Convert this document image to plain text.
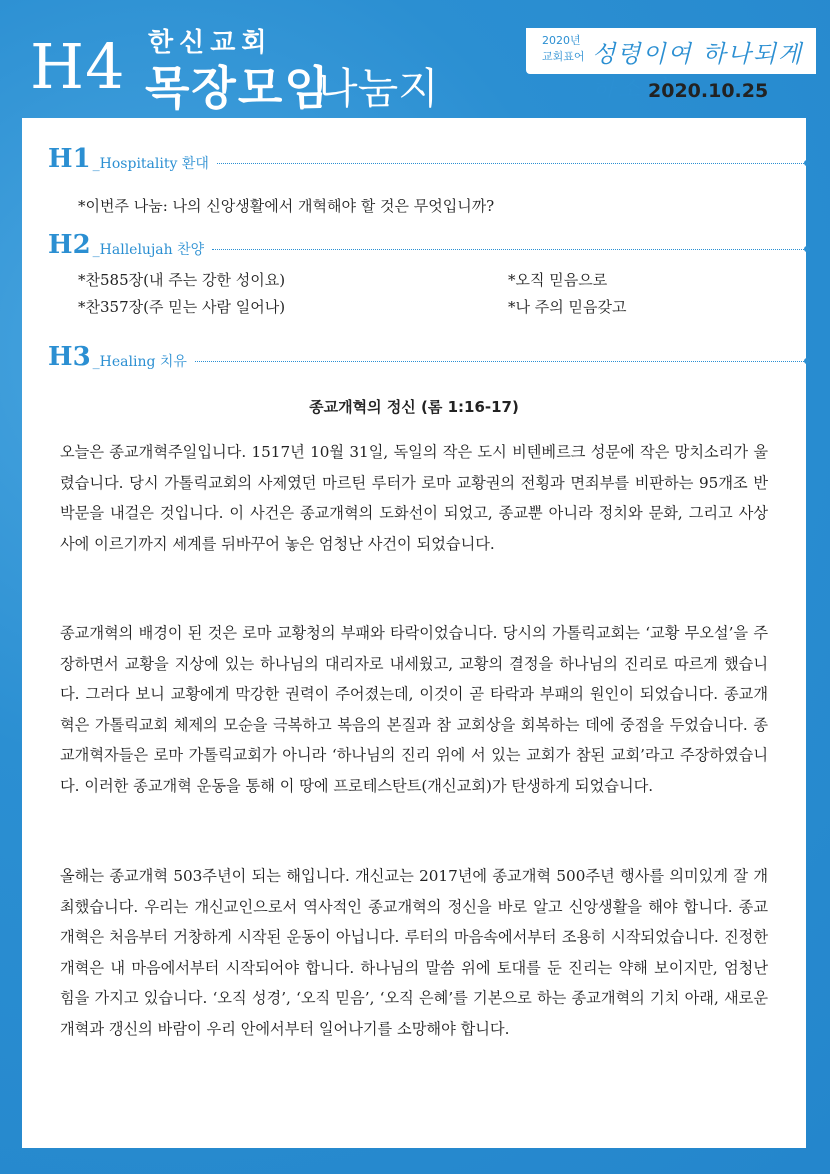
H4 한신교회
목장모임
나눔지
2020년
교회표어 성령이여 하나되게 하소서
2020.10.25
H1 _Hospitality 환대
*이번주 나눔: 나의 신앙생활에서 개혁해야 할 것은 무엇입니까?
H2 _Hallelujah 찬양
*찬585장(내 주는 강한 성이요)	*오직 믿음으로
*찬357장(주 믿는 사람 일어나)	*나 주의 믿음갖고
H3 _Healing 치유
종교개혁의 정신 (롬 1:16-17)
오늘은 종교개혁주일입니다. 1517년 10월 31일, 독일의 작은 도시 비텐베르크 성문에 작은 망치소리가 울렸습니다. 당시 가톨릭교회의 사제였던 마르틴 루터가 로마 교황권의 전횡과 면죄부를 비판하는 95개조 반박문을 내걸은 것입니다. 이 사건은 종교개혁의 도화선이 되었고, 종교뿐 아니라 정치와 문화, 그리고 사상사에 이르기까지 세계를 뒤바꾸어 놓은 엄청난 사건이 되었습니다.
종교개혁의 배경이 된 것은 로마 교황청의 부패와 타락이었습니다. 당시의 가톨릭교회는 ‘교황 무오설’을 주장하면서 교황을 지상에 있는 하나님의 대리자로 내세웠고, 교황의 결정을 하나님의 진리로 따르게 했습니다. 그러다 보니 교황에게 막강한 권력이 주어졌는데, 이것이 곧 타락과 부패의 원인이 되었습니다. 종교개혁은 가톨릭교회 체제의 모순을 극복하고 복음의 본질과 참 교회상을 회복하는 데에 중점을 두었습니다. 종교개혁자들은 로마 가톨릭교회가 아니라 ‘하나님의 진리 위에 서 있는 교회가 참된 교회’라고 주장하였습니다. 이러한 종교개혁 운동을 통해 이 땅에 프로테스탄트(개신교회)가 탄생하게 되었습니다.
올해는 종교개혁 503주년이 되는 해입니다. 개신교는 2017년에 종교개혁 500주년 행사를 의미있게 잘 개최했습니다. 우리는 개신교인으로서 역사적인 종교개혁의 정신을 바로 알고 신앙생활을 해야 합니다. 종교개혁은 처음부터 거창하게 시작된 운동이 아닙니다. 루터의 마음속에서부터 조용히 시작되었습니다. 진정한 개혁은 내 마음에서부터 시작되어야 합니다. 하나님의 말씀 위에 토대를 둔 진리는 약해 보이지만, 엄청난 힘을 가지고 있습니다. ‘오직 성경’, ‘오직 믿음’, ‘오직 은혜’를 기본으로 하는 종교개혁의 기치 아래, 새로운 개혁과 갱신의 바람이 우리 안에서부터 일어나기를 소망해야 합니다.
